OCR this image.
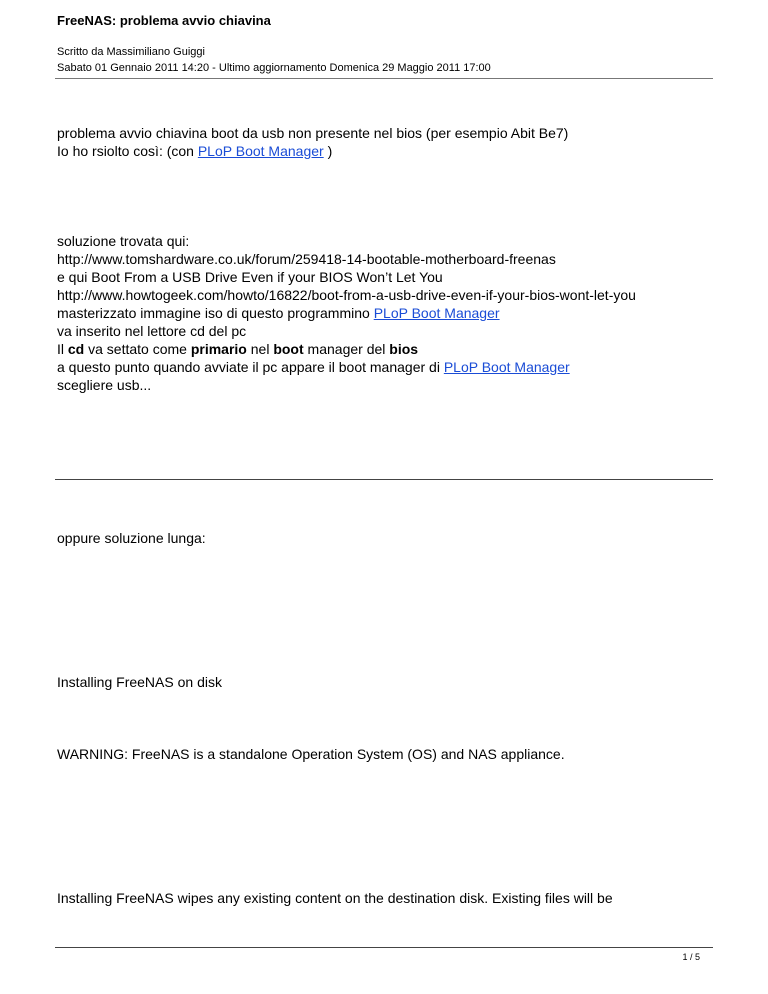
FreeNAS: problema avvio chiavina
Scritto da Massimiliano Guiggi
Sabato 01 Gennaio 2011 14:20 - Ultimo aggiornamento Domenica 29 Maggio 2011 17:00

problema avvio chiavina boot da usb non presente nel bios (per esempio Abit Be7)

Io ho rsiolto così: (con PLoP Boot Manager )

soluzione trovata qui:

http://www.tomshardware.co.uk/forum/259418-14-bootable-motherboard-freenas

e qui Boot From a USB Drive Even if your BIOS Won’t Let You

http://www.howtogeek.com/howto/16822/boot-from-a-usb-drive-even-if-your-bios-wont-let-you

masterizzato immagine iso di questo programmino PLoP Boot Manager

va inserito nel lettore cd del pc

Il cd va settato come primario nel boot manager del bios

a questo punto quando avviate il pc appare il boot manager di PLoP Boot Manager

scegliere usb...

oppure soluzione lunga:
Installing FreeNAS on disk
WARNING: FreeNAS is a standalone Operation System (OS) and NAS appliance.
Installing FreeNAS wipes any existing content on the destination disk. Existing files will be
1 / 5
